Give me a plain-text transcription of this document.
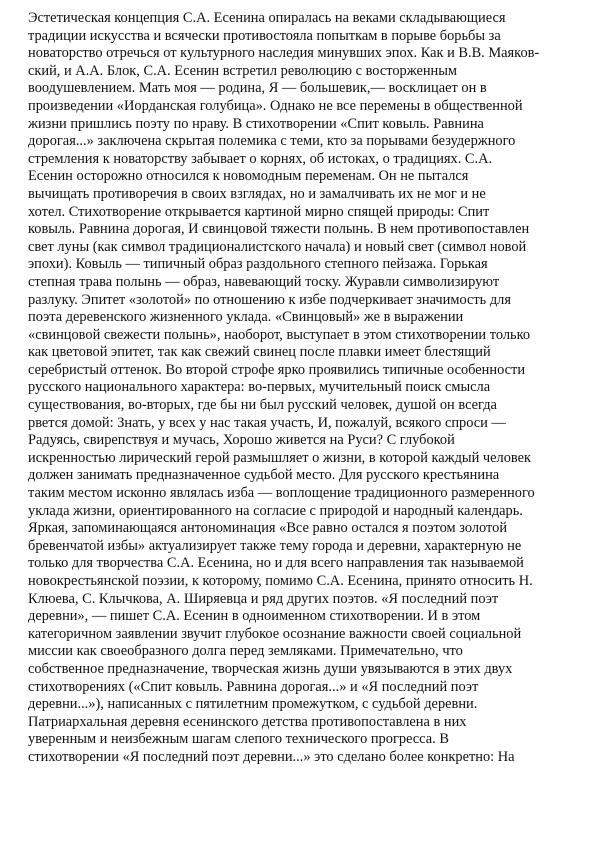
Эстетическая концепция С.А. Есенина опиралась на веками складывающиеся
традиции искусства и всячески противостояла попыткам в порыве борьбы за
новаторство отречься от культурного наследия минувших эпох. Как и В.В. Маяков-
ский, и А.А. Блок, С.А. Есенин встретил революцию с восторженным
воодушевлением. Мать моя — родина, Я — большевик,— восклицает он в
произведении «Иорданская голубица». Однако не все перемены в общественной
жизни пришлись поэту по нраву. В стихотворении «Спит ковыль. Равнина
дорогая...» заключена скрытая полемика с теми, кто за порывами безудержного
стремления к новаторству забывает о корнях, об истоках, о традициях. С.А.
Есенин осторожно относился к новомодным переменам. Он не пытался
вычищать противоречия в своих взглядах, но и замалчивать их не мог и не
хотел. Стихотворение открывается картиной мирно спящей природы: Спит
ковыль. Равнина дорогая, И свинцовой тяжести полынь. В нем противопоставлен
свет луны (как символ традиционалистского начала) и новый свет (символ новой
эпохи). Ковыль — типичный образ раздольного степного пейзажа. Горькая
степная трава полынь — образ, навевающий тоску. Журавли символизируют
разлуку. Эпитет «золотой» по отношению к избе подчеркивает значимость для
поэта деревенского жизненного уклада. «Свинцовый» же в выражении
«свинцовой свежести полынь», наоборот, выступает в этом стихотворении только
как цветовой эпитет, так как свежий свинец после плавки имеет блестящий
серебристый оттенок. Во второй строфе ярко проявились типичные особенности
русского национального характера: во-первых, мучительный поиск смысла
существования, во-вторых, где бы ни был русский человек, душой он всегда
рвется домой: Знать, у всех у нас такая участь, И, пожалуй, всякого спроси —
Радуясь, свирепствуя и мучась, Хорошо живется на Руси? С глубокой
искренностью лирический герой размышляет о жизни, в которой каждый человек
должен занимать предназначенное судьбой место. Для русского крестьянина
таким местом исконно являлась изба — воплощение традиционного размеренного
уклада жизни, ориентированного на согласие с природой и народный календарь.
Яркая, запоминающаяся антономинация «Все равно остался я поэтом золотой
бревенчатой избы» актуализирует также тему города и деревни, характерную не
только для творчества С.А. Есенина, но и для всего направления так называемой
новокрестьянской поэзии, к которому, помимо С.А. Есенина, принято относить Н.
Клюева, С. Клычкова, А. Ширяевца и ряд других поэтов. «Я последний поэт
деревни», — пишет С.А. Есенин в одноименном стихотворении. И в этом
категоричном заявлении звучит глубокое осознание важности своей социальной
миссии как своеобразного долга перед земляками. Примечательно, что
собственное предназначение, творческая жизнь души увязываются в этих двух
стихотворениях («Спит ковыль. Равнина дорогая...» и «Я последний поэт
деревни...»), написанных с пятилетним промежутком, с судьбой деревни.
Патриархальная деревня есенинского детства противопоставлена в них
уверенным и неизбежным шагам слепого технического прогресса. В
стихотворении «Я последний поэт деревни...» это сделано более конкретно: На
